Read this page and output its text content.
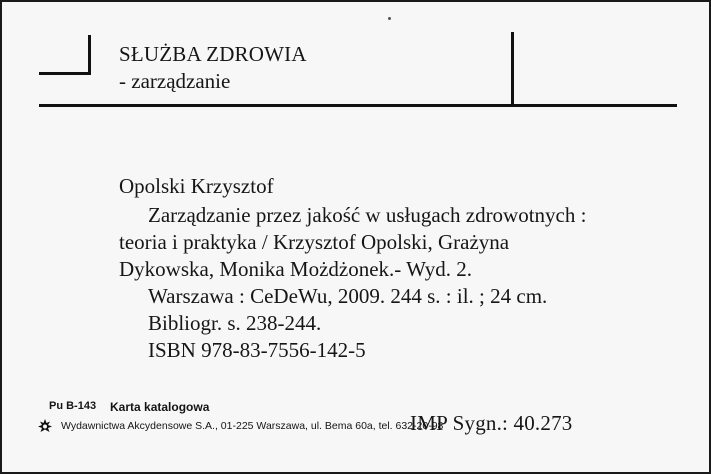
SŁUŻBA ZDROWIA
- zarządzanie
Opolski Krzysztof
Zarządzanie przez jakość w usługach zdrowotnych :
teoria i praktyka / Krzysztof Opolski, Grażyna
Dykowska, Monika Możdżonek.- Wyd. 2.
Warszawa : CeDeWu, 2009. 244 s. : il. ; 24 cm.
Bibliogr. s. 238-244.
ISBN 978-83-7556-142-5
Pu B-143 Karta katalogowa
Wydawnictwa Akcydensowe S.A., 01-225 Warszawa, ul. Bema 60a, tel. 632-20-98
IMP Sygn.: 40.273
